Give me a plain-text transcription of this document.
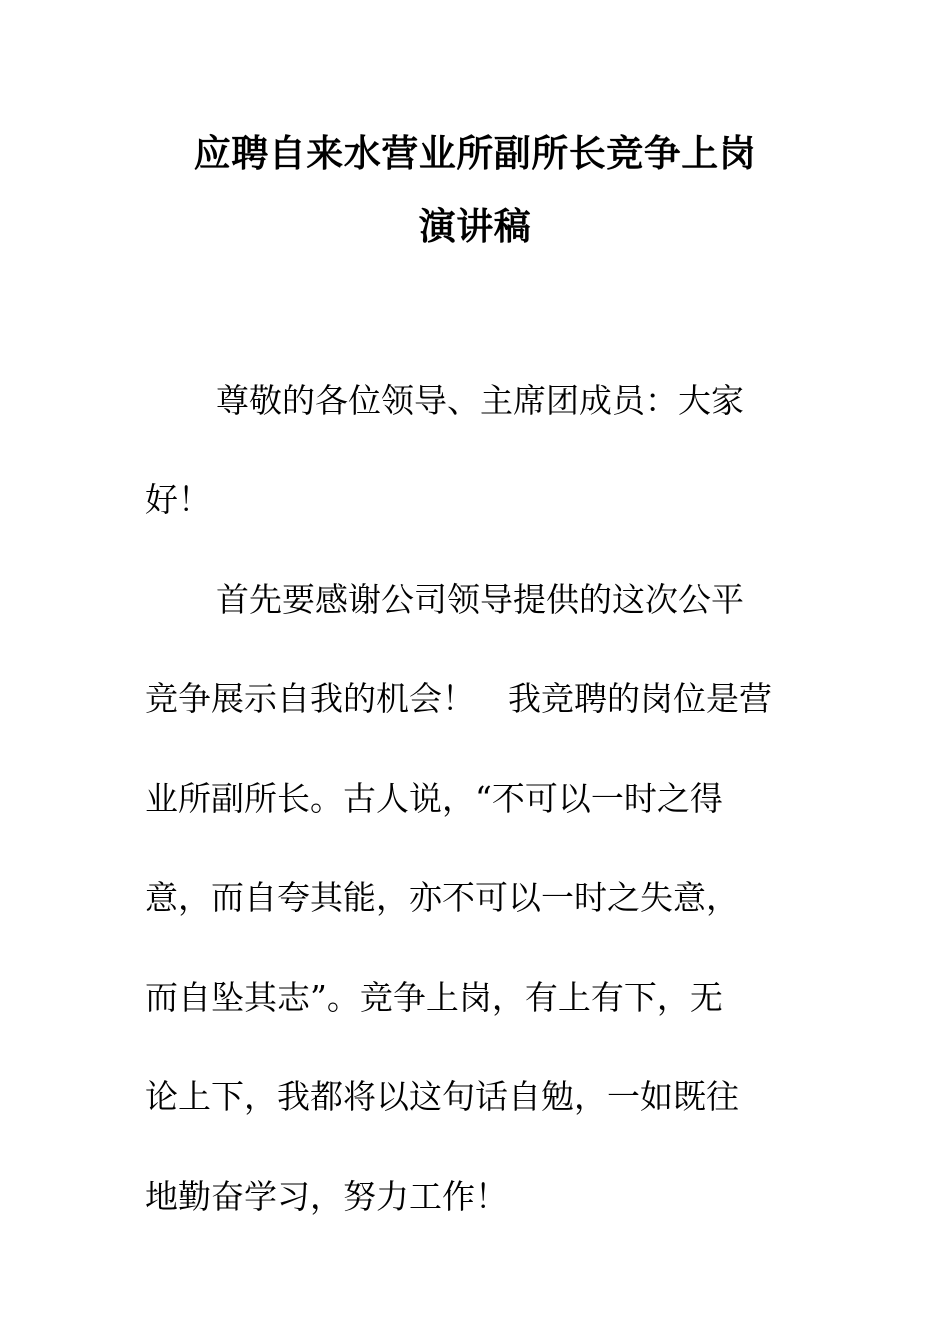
应聘自来水营业所副所长竞争上岗
演讲稿
尊敬的各位领导、主席团成员：大家
好！
首先要感谢公司领导提供的这次公平
竞争展示自我的机会！　我竞聘的岗位是营
业所副所长。古人说，“不可以一时之得
意，而自夸其能，亦不可以一时之失意，
而自坠其志”。竞争上岗，有上有下，无
论上下，我都将以这句话自勉，一如既往
地勤奋学习，努力工作！
